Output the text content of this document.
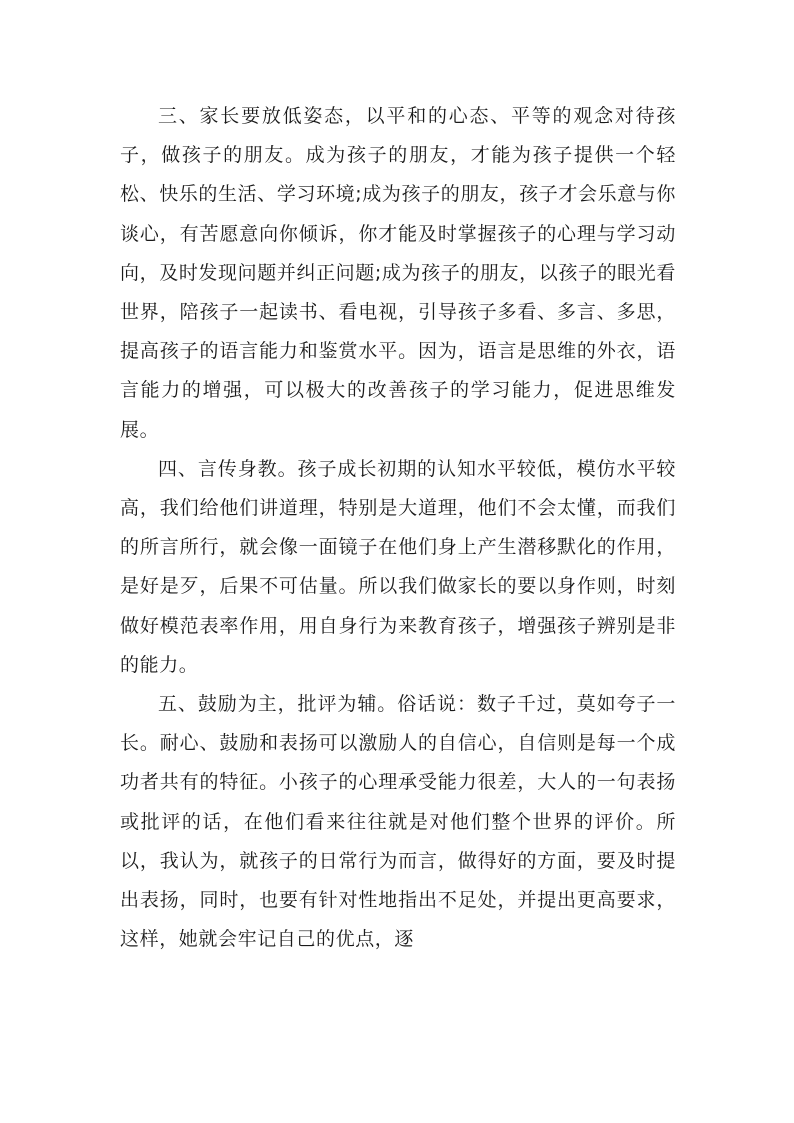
三、家长要放低姿态，以平和的心态、平等的观念对待孩子，做孩子的朋友。成为孩子的朋友，才能为孩子提供一个轻松、快乐的生活、学习环境;成为孩子的朋友，孩子才会乐意与你谈心，有苦愿意向你倾诉，你才能及时掌握孩子的心理与学习动向，及时发现问题并纠正问题;成为孩子的朋友，以孩子的眼光看世界，陪孩子一起读书、看电视，引导孩子多看、多言、多思，提高孩子的语言能力和鉴赏水平。因为，语言是思维的外衣，语言能力的增强，可以极大的改善孩子的学习能力，促进思维发展。

四、言传身教。孩子成长初期的认知水平较低，模仿水平较高，我们给他们讲道理，特别是大道理，他们不会太懂，而我们的所言所行，就会像一面镜子在他们身上产生潜移默化的作用，是好是歹，后果不可估量。所以我们做家长的要以身作则，时刻做好模范表率作用，用自身行为来教育孩子，增强孩子辨别是非的能力。

五、鼓励为主，批评为辅。俗话说：数子千过，莫如夸子一长。耐心、鼓励和表扬可以激励人的自信心，自信则是每一个成功者共有的特征。小孩子的心理承受能力很差，大人的一句表扬或批评的话，在他们看来往往就是对他们整个世界的评价。所以，我认为，就孩子的日常行为而言，做得好的方面，要及时提出表扬，同时，也要有针对性地指出不足处，并提出更高要求，这样，她就会牢记自己的优点，逐
